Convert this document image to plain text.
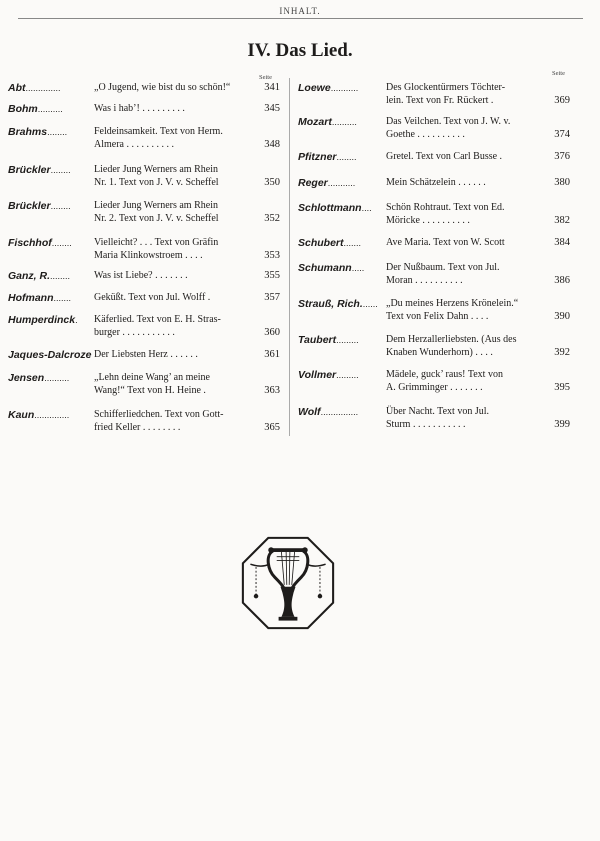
INHALT.
IV. Das Lied.
Seite
Abt..............	„O Jugend, wie bist du so schön!“	341
Bohm..........	Was i hab’! . . . . . . . . .	345
Brahms........	Feldeinsamkeit. Text von Herm.
Almera . . . . . . . . . .	348
Brückler........ Lieder Jung Werners am Rhein
Nr. 1. Text von J. V. v. Scheffel	350
Brückler........ Lieder Jung Werners am Rhein
Nr. 2. Text von J. V. v. Scheffel	352
Fischhof........ Vielleicht? . . . Text von Gräfin
Maria Klinkowstroem . . . .	353
Ganz, R......... Was ist Liebe? . . . . . . .	355
Hofmann....... Geküßt. Text von Jul. Wolff .	357
Humperdinck. Käferlied. Text von E. H. Stras-
burger . . . . . . . . . . .	360
Jaques-Dalcroze Der Liebsten Herz . . . . . .	361
Jensen.......... „Lehn deine Wang’ an meine
Wang!“ Text von H. Heine .	363
Kaun.............. Schifferliedchen. Text von Gott-
fried Keller . . . . . . . .	365
Seite
Loewe...........	Des Glockentürmers Töchter-
lein. Text von Fr. Rückert .	369
Mozart..........	Das Veilchen. Text von J. W. v.
Goethe . . . . . . . . . .	374
Pfitzner........	Gretel. Text von Carl Busse .	376
Reger...........	Mein Schätzelein . . . . . .	380
Schlottmann.... Schön Rohtraut. Text von Ed.
Möricke . . . . . . . . . .	382
Schubert....... Ave Maria. Text von W. Scott	384
Schumann..... Der Nußbaum. Text von Jul.
Moran . . . . . . . . . .	386
Strauß, Rich....... „Du meines Herzens Krönelein.“
Text von Felix Dahn . . . .	390
Taubert.........	Dem Herzallerliebsten. (Aus des
Knaben Wunderhorn) . . . .	392
Vollmer.........	Mädele, guck’ raus! Text von
A. Grimminger . . . . . . .	395
Wolf...............	Über Nacht. Text von Jul.
Sturm . . . . . . . . . . .	399
